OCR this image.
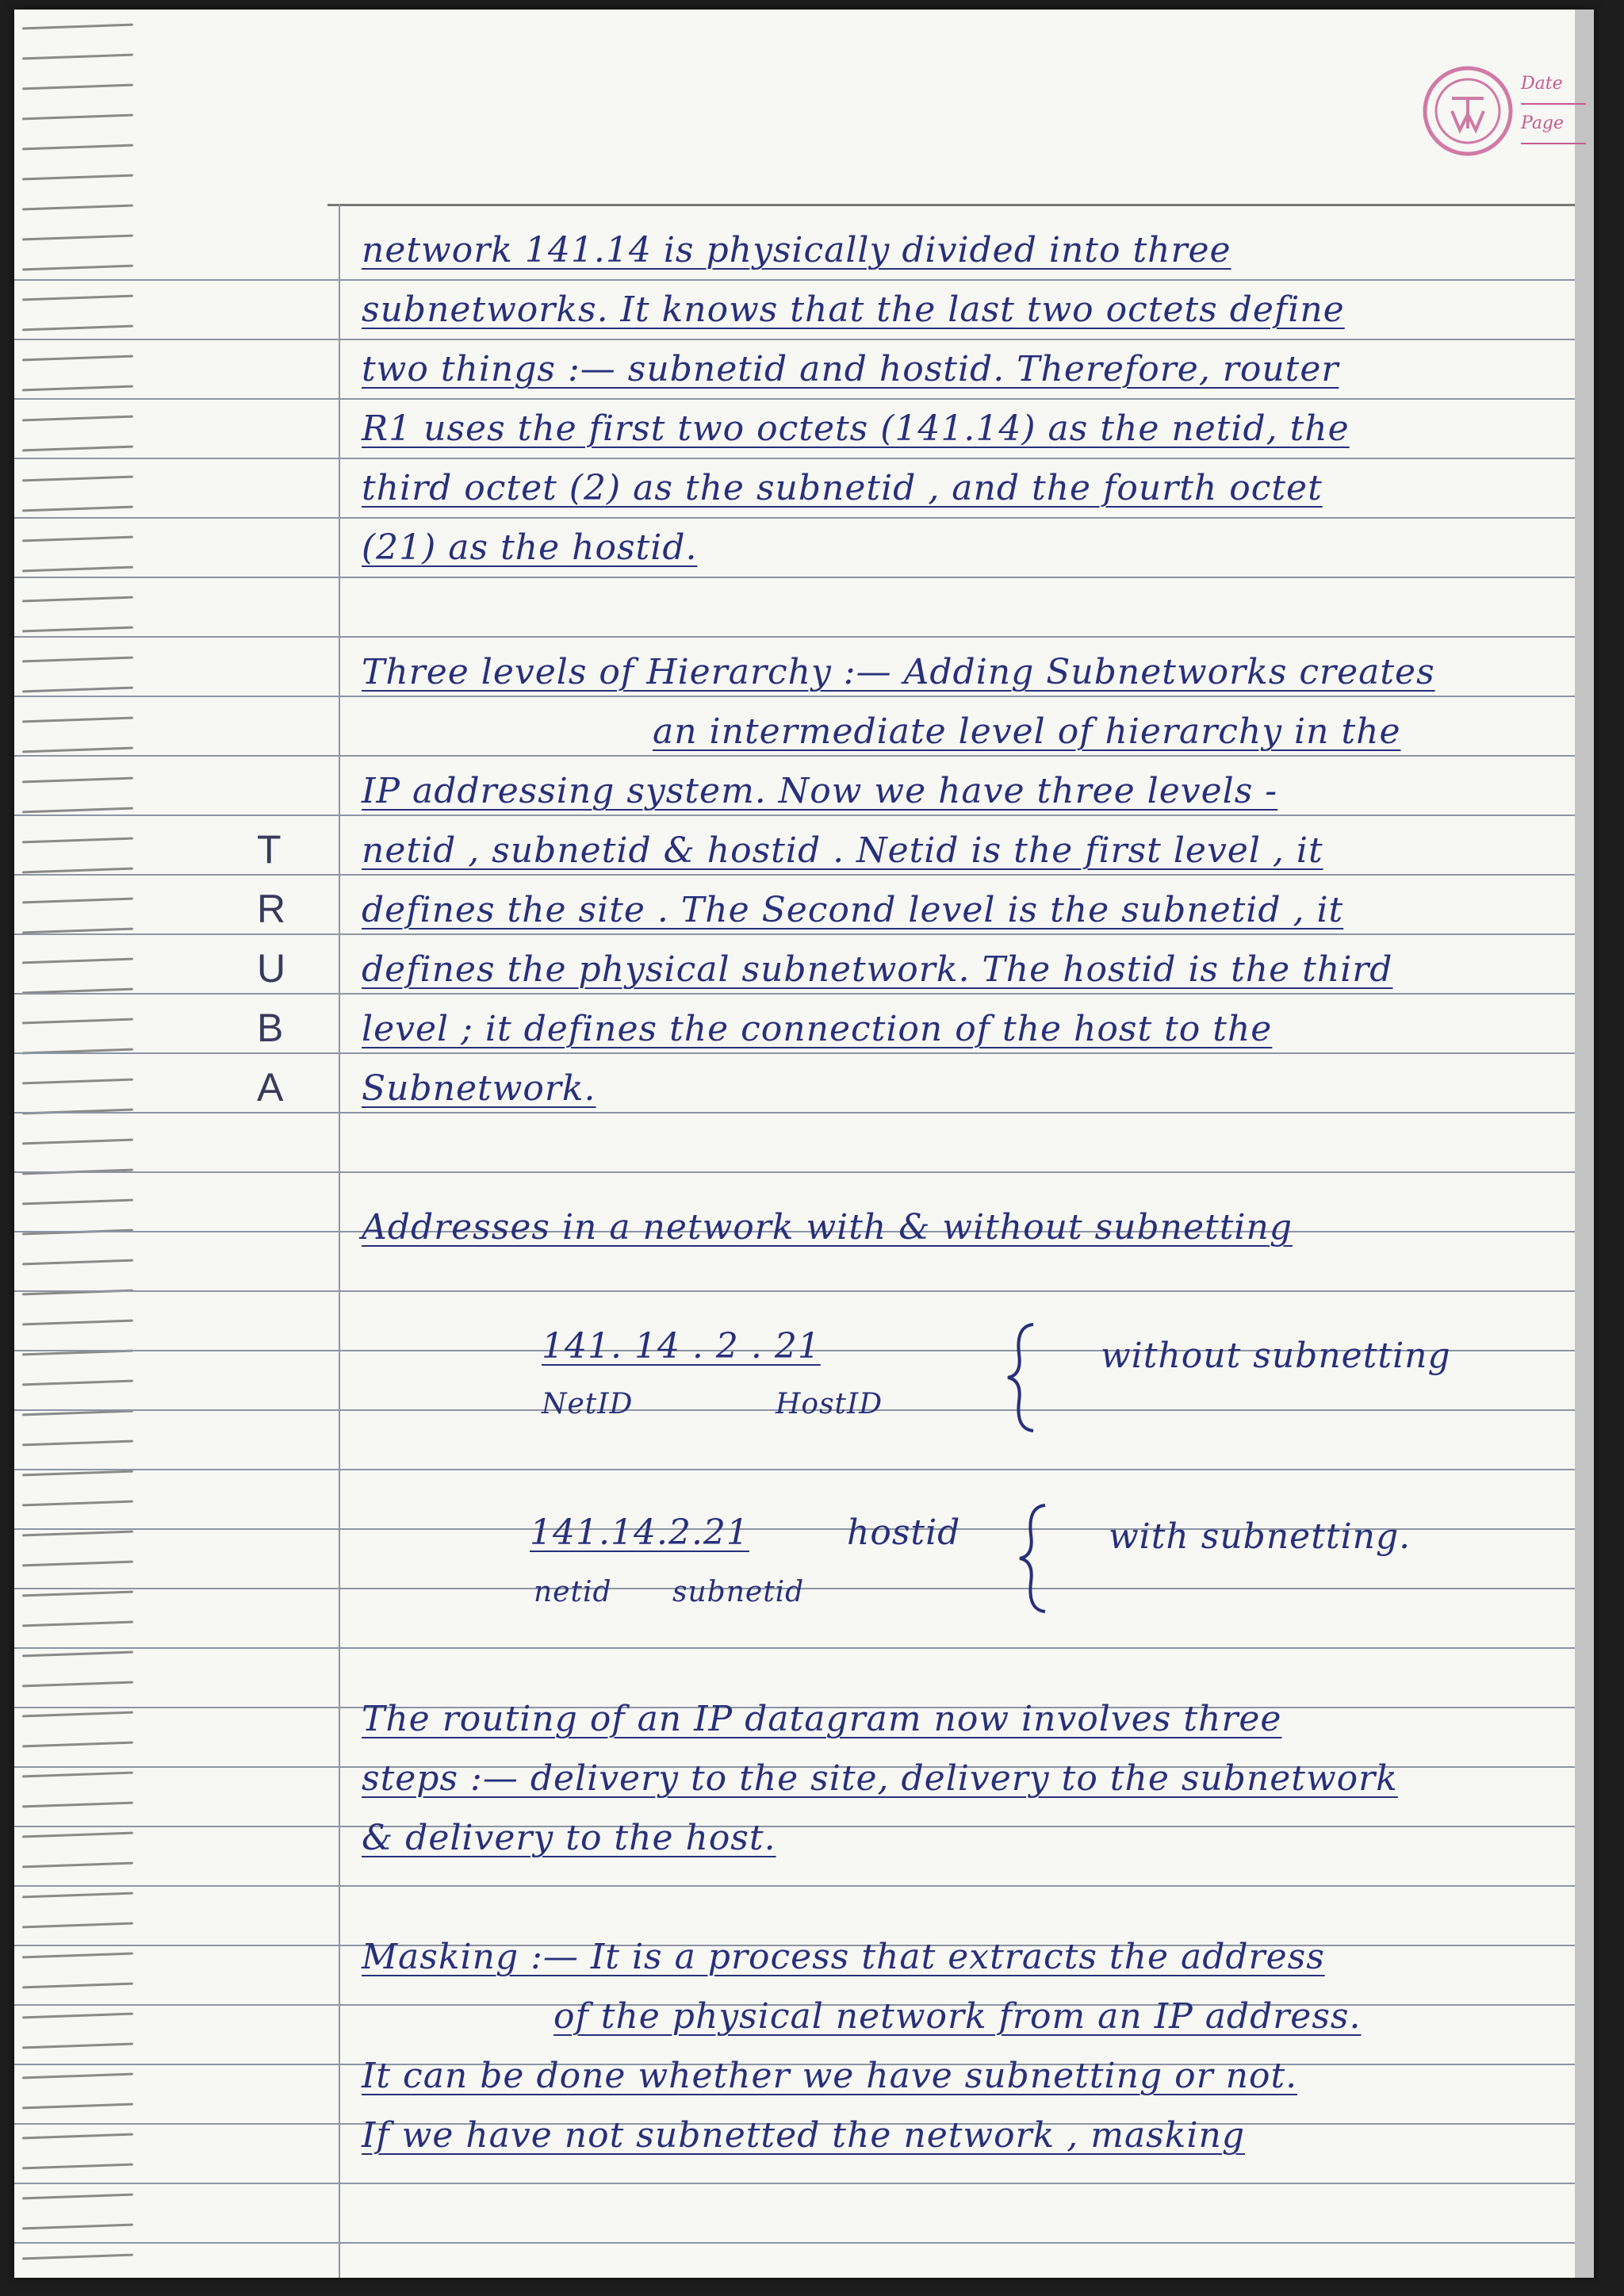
Date
Page
network 141.14 is physically divided into three
subnetworks. It knows that the last two octets define
two things :— subnetid and hostid. Therefore, router
R1 uses the first two octets (141.14) as the netid, the
third octet (2) as the subnetid , and the fourth octet
(21) as the hostid.
Three levels of Hierarchy :— Adding Subnetworks creates
an intermediate level of hierarchy in the
IP addressing system. Now we have three levels -
netid , subnetid & hostid . Netid is the first level , it
defines the site . The Second level is the subnetid , it
defines the physical subnetwork. The hostid is the third
level ; it defines the connection of the host to the
Subnetwork.
T
R
U
B
A
Addresses in a network with & without subnetting
141. 14 . 2 . 21
NetID	HostID
without subnetting
141.14.2.21	hostid
netid subnetid
with subnetting.
The routing of an IP datagram now involves three
steps :— delivery to the site, delivery to the subnetwork
& delivery to the host.
Masking :— It is a process that extracts the address
of the physical network from an IP address.
It can be done whether we have subnetting or not.
If we have not subnetted the network , masking
